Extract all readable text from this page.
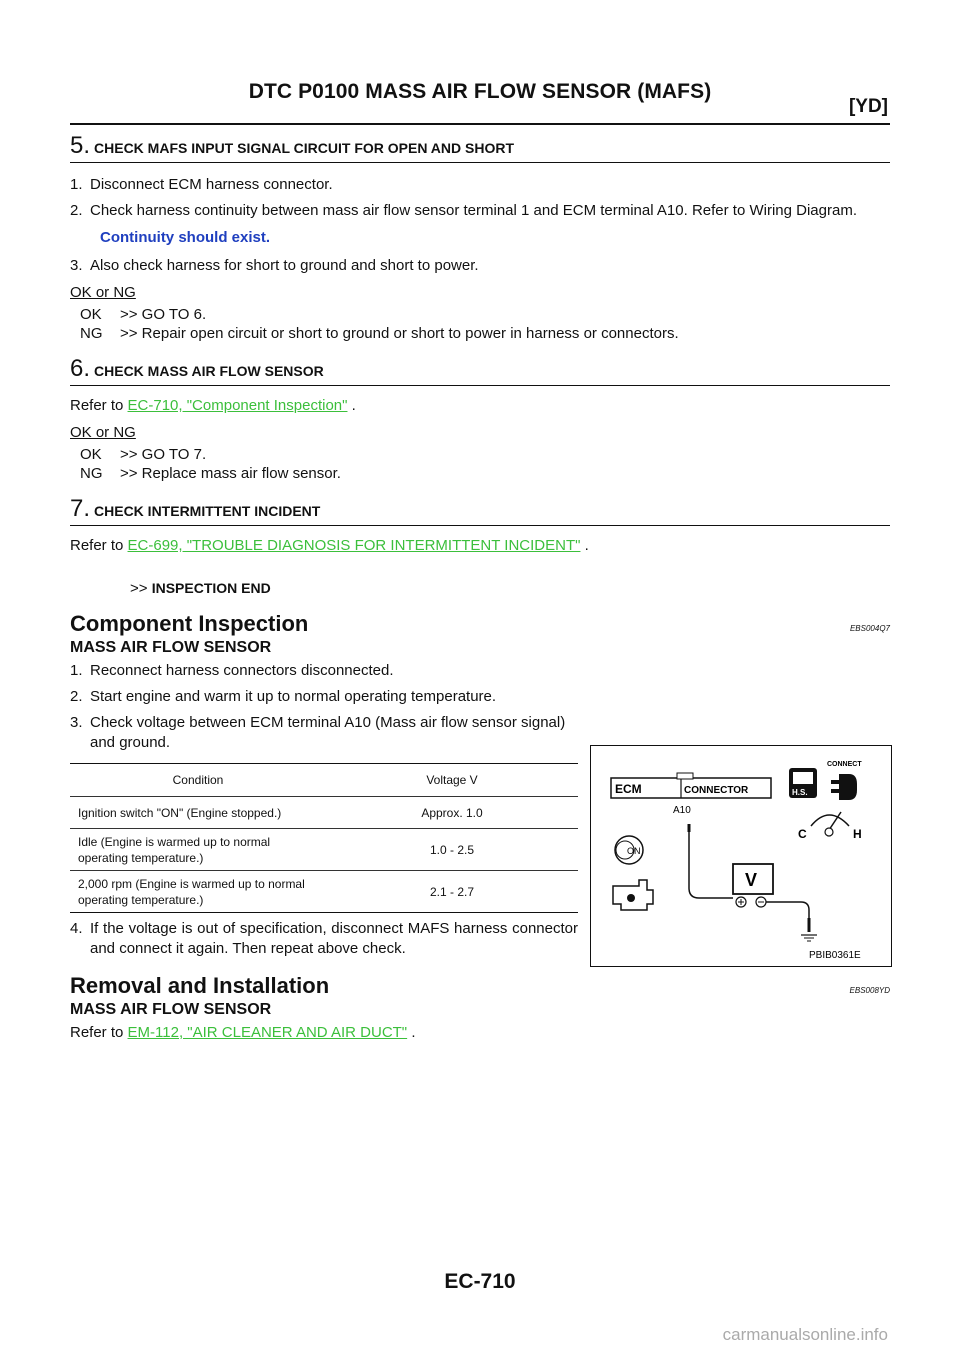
DTC P0100 MASS AIR FLOW SENSOR (MAFS)
[YD]
5. CHECK MAFS INPUT SIGNAL CIRCUIT FOR OPEN AND SHORT
1. Disconnect ECM harness connector.
2. Check harness continuity between mass air flow sensor terminal 1 and ECM terminal A10. Refer to Wiring Diagram.
Continuity should exist.
3. Also check harness for short to ground and short to power.
OK or NG
OK	>> GO TO 6.
NG	>> Repair open circuit or short to ground or short to power in harness or connectors.
6. CHECK MASS AIR FLOW SENSOR
Refer to EC-710, "Component Inspection" .
OK or NG
OK	>> GO TO 7.
NG	>> Replace mass air flow sensor.
7. CHECK INTERMITTENT INCIDENT
Refer to EC-699, "TROUBLE DIAGNOSIS FOR INTERMITTENT INCIDENT" .
>> INSPECTION END
Component Inspection	EBS004Q7
MASS AIR FLOW SENSOR
1. Reconnect harness connectors disconnected.
2. Start engine and warm it up to normal operating temperature.
3. Check voltage between ECM terminal A10 (Mass air flow sensor signal) and ground.
Condition	Voltage V
Ignition switch "ON" (Engine stopped.)	Approx. 1.0
Idle (Engine is warmed up to normal operating temperature.)	1.0 - 2.5
2,000 rpm (Engine is warmed up to normal operating temperature.)	2.1 - 2.7
4. If the voltage is out of specification, disconnect MAFS harness connector and connect it again. Then repeat above check.
ECM	CONNECTOR
A10
V
H.S.
CONNECT
C	H
ON
PBIB0361E
Removal and Installation	EBS008YD
MASS AIR FLOW SENSOR
Refer to EM-112, "AIR CLEANER AND AIR DUCT" .
EC-710
carmanualsonline.info
